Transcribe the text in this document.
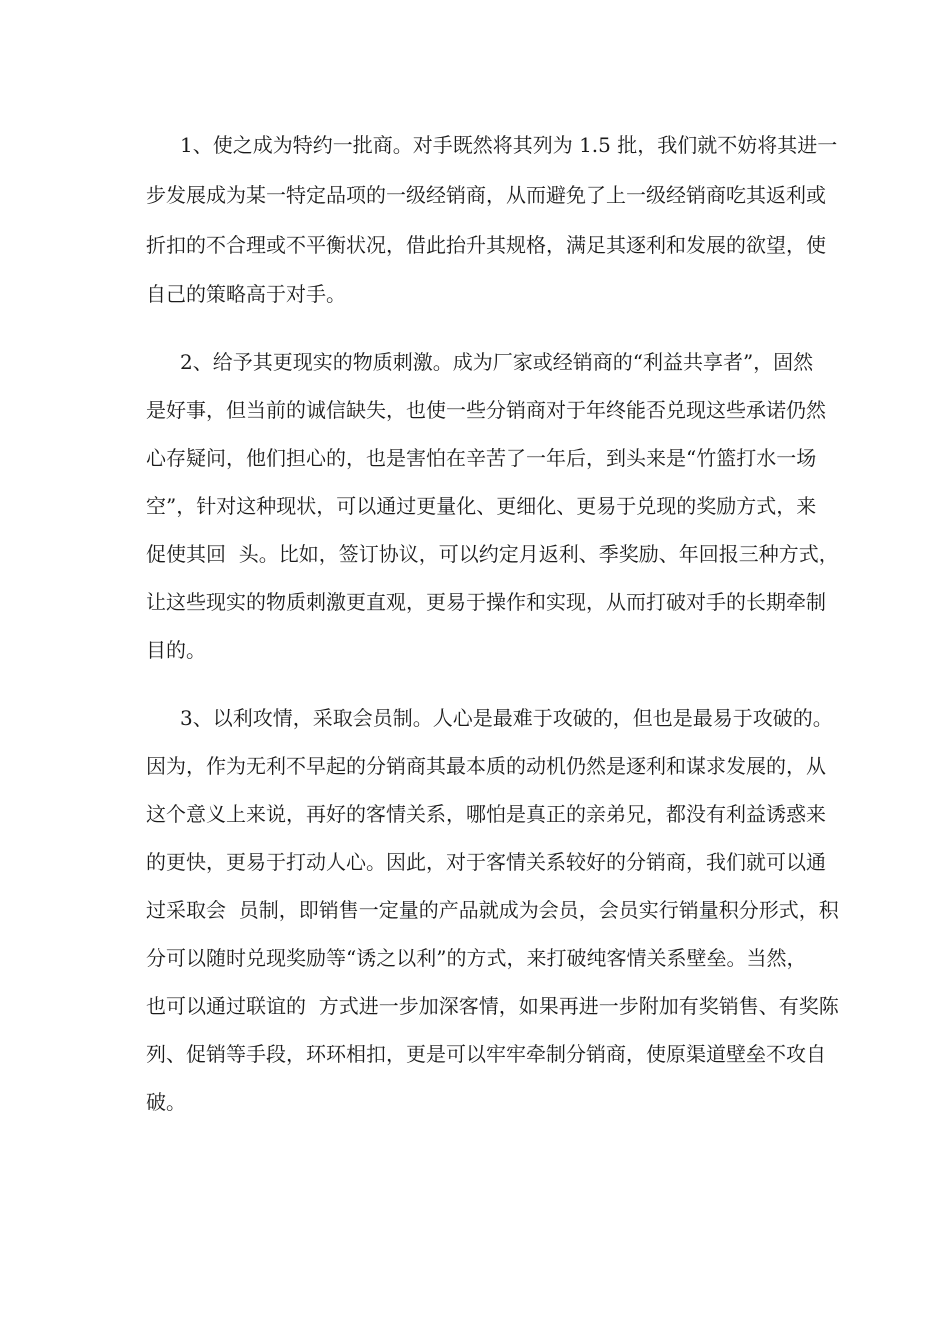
1、使之成为特约一批商。对手既然将其列为 1.5 批，我们就不妨将其进一
步发展成为某一特定品项的一级经销商，从而避免了上一级经销商吃其返利或
折扣的不合理或不平衡状况，借此抬升其规格，满足其逐利和发展的欲望，使
自己的策略高于对手。
2、给予其更现实的物质刺激。成为厂家或经销商的“利益共享者”，固然
是好事，但当前的诚信缺失，也使一些分销商对于年终能否兑现这些承诺仍然
心存疑问，他们担心的，也是害怕在辛苦了一年后，到头来是“竹篮打水一场
空”，针对这种现状，可以通过更量化、更细化、更易于兑现的奖励方式，来
促使其回  头。比如，签订协议，可以约定月返利、季奖励、年回报三种方式，
让这些现实的物质刺激更直观，更易于操作和实现，从而打破对手的长期牵制
目的。
3、以利攻情，采取会员制。人心是最难于攻破的，但也是最易于攻破的。
因为，作为无利不早起的分销商其最本质的动机仍然是逐利和谋求发展的，从
这个意义上来说，再好的客情关系，哪怕是真正的亲弟兄，都没有利益诱惑来
的更快，更易于打动人心。因此，对于客情关系较好的分销商，我们就可以通
过采取会  员制，即销售一定量的产品就成为会员，会员实行销量积分形式，积
分可以随时兑现奖励等“诱之以利”的方式，来打破纯客情关系壁垒。当然，
也可以通过联谊的  方式进一步加深客情，如果再进一步附加有奖销售、有奖陈
列、促销等手段，环环相扣，更是可以牢牢牵制分销商，使原渠道壁垒不攻自
破。
